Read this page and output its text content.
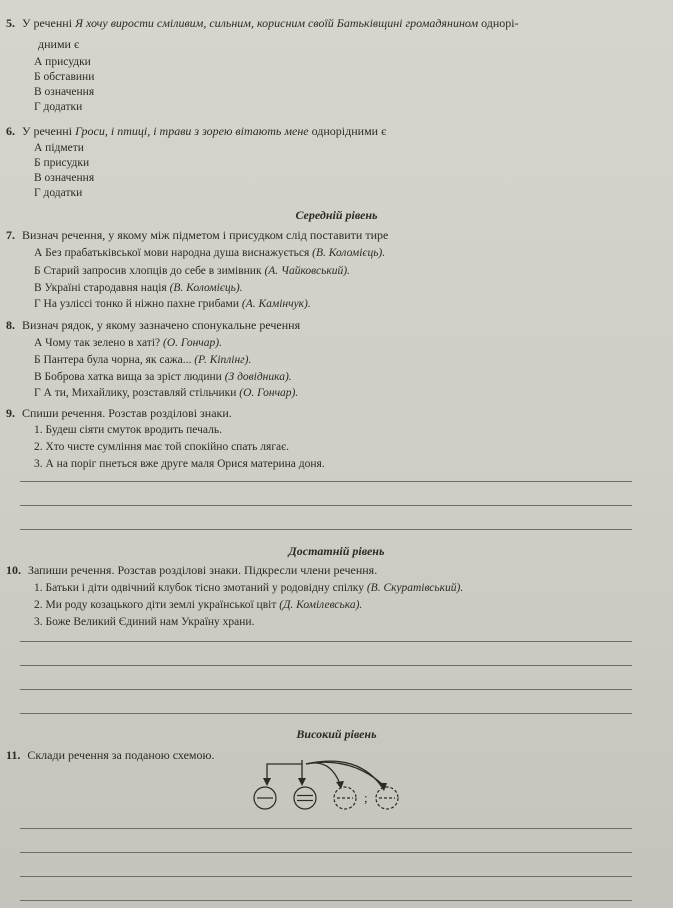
5. У реченні Я хочу вирости сміливим, сильним, корисним своїй Батьківщині громадянином однорі-
дними є
А присудки
Б обставини
В означення
Г додатки
6. У реченні Гроси, і птиці, і трави з зорею вітають мене однорідними є
А підмети
Б присудки
В означення
Г додатки
Середній рівень
7. Визнач речення, у якому між підметом і присудком слід поставити тире
А Без прабатьківської мови народна душа виснажується (В. Коломієць).
Б Старий запросив хлопців до себе в зимівник (А. Чайковський).
В Україні стародавня нація (В. Коломієць).
Г На узліссі тонко й ніжно пахне грибами (А. Камінчук).
8. Визнач рядок, у якому зазначено спонукальне речення
А Чому так зелено в хаті? (О. Гончар).
Б Пантера була чорна, як сажа... (Р. Кіплінг).
В Боброва хатка вища за зріст людини (З довідника).
Г А ти, Михайлику, розставляй стільчики (О. Гончар).
9. Спиши речення. Розстав розділові знаки.
1. Будеш сіяти смуток вродить печаль.
2. Хто чисте сумління має той спокійно спать лягає.
3. А на поріг пнеться вже друге маля Орися материна доня.
Достатній рівень
10. Запиши речення. Розстав розділові знаки. Підкресли члени речення.
1. Батьки і діти одвічний клубок тісно змотаний у родовідну спілку (В. Скуратівський).
2. Ми роду козацького діти землі української цвіт (Д. Комілевська).
3. Боже Великий Єдиний нам Україну храни.
Високий рівень
11. Склади речення за поданою схемою.
;
